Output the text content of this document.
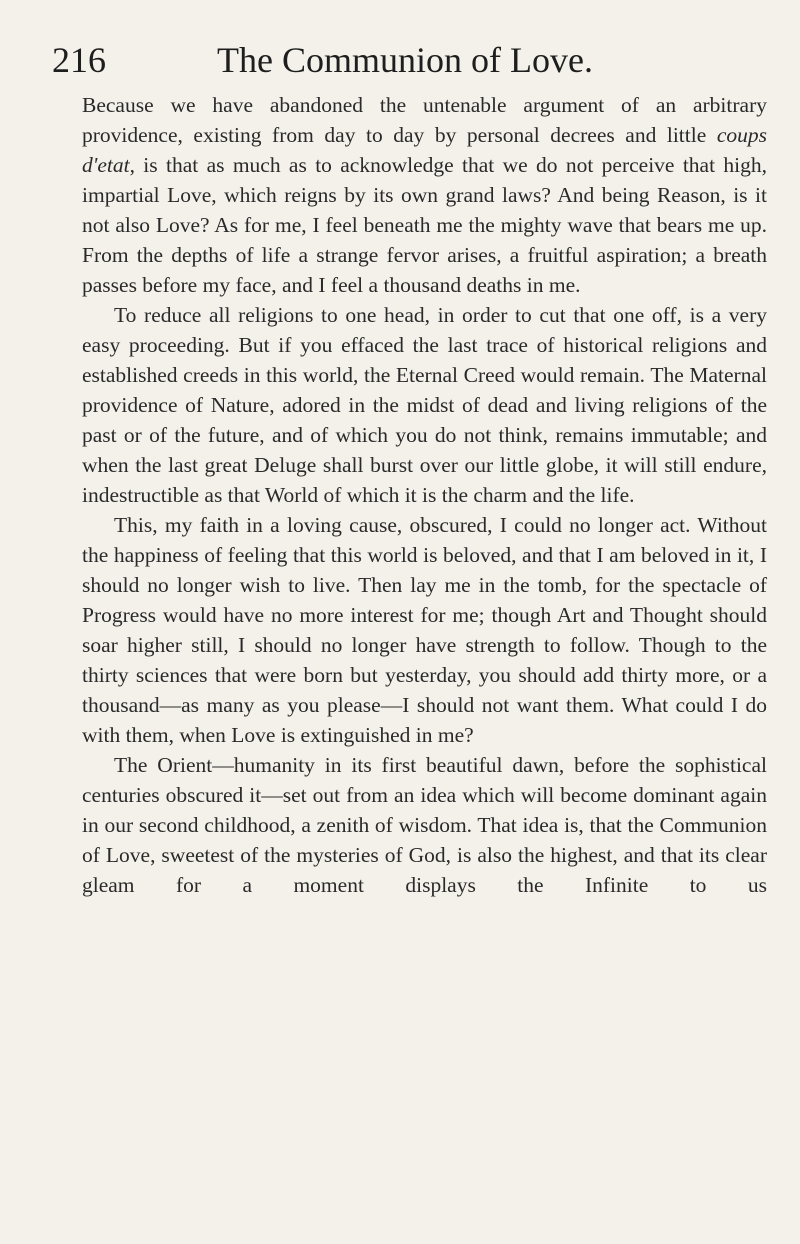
216	The Communion of Love.

Because we have abandoned the untenable argument of an arbitrary providence, existing from day to day by personal decrees and little coups d'etat, is that as much as to acknowledge that we do not perceive that high, impartial Love, which reigns by its own grand laws? And being Reason, is it not also Love? As for me, I feel beneath me the mighty wave that bears me up. From the depths of life a strange fervor arises, a fruitful aspiration; a breath passes before my face, and I feel a thousand deaths in me.

To reduce all religions to one head, in order to cut that one off, is a very easy proceeding. But if you effaced the last trace of historical religions and established creeds in this world, the Eternal Creed would remain. The Maternal providence of Nature, adored in the midst of dead and living religions of the past or of the future, and of which you do not think, remains immutable; and when the last great Deluge shall burst over our little globe, it will still endure, indestructible as that World of which it is the charm and the life.

This, my faith in a loving cause, obscured, I could no longer act. Without the happiness of feeling that this world is beloved, and that I am beloved in it, I should no longer wish to live. Then lay me in the tomb, for the spectacle of Progress would have no more interest for me; though Art and Thought should soar higher still, I should no longer have strength to follow. Though to the thirty sciences that were born but yesterday, you should add thirty more, or a thousand—as many as you please—I should not want them. What could I do with them, when Love is extinguished in me?

The Orient—humanity in its first beautiful dawn, before the sophistical centuries obscured it—set out from an idea which will become dominant again in our second childhood, a zenith of wisdom. That idea is, that the Communion of Love, sweetest of the mysteries of God, is also the highest, and that its clear gleam for a moment displays the Infinite to us
